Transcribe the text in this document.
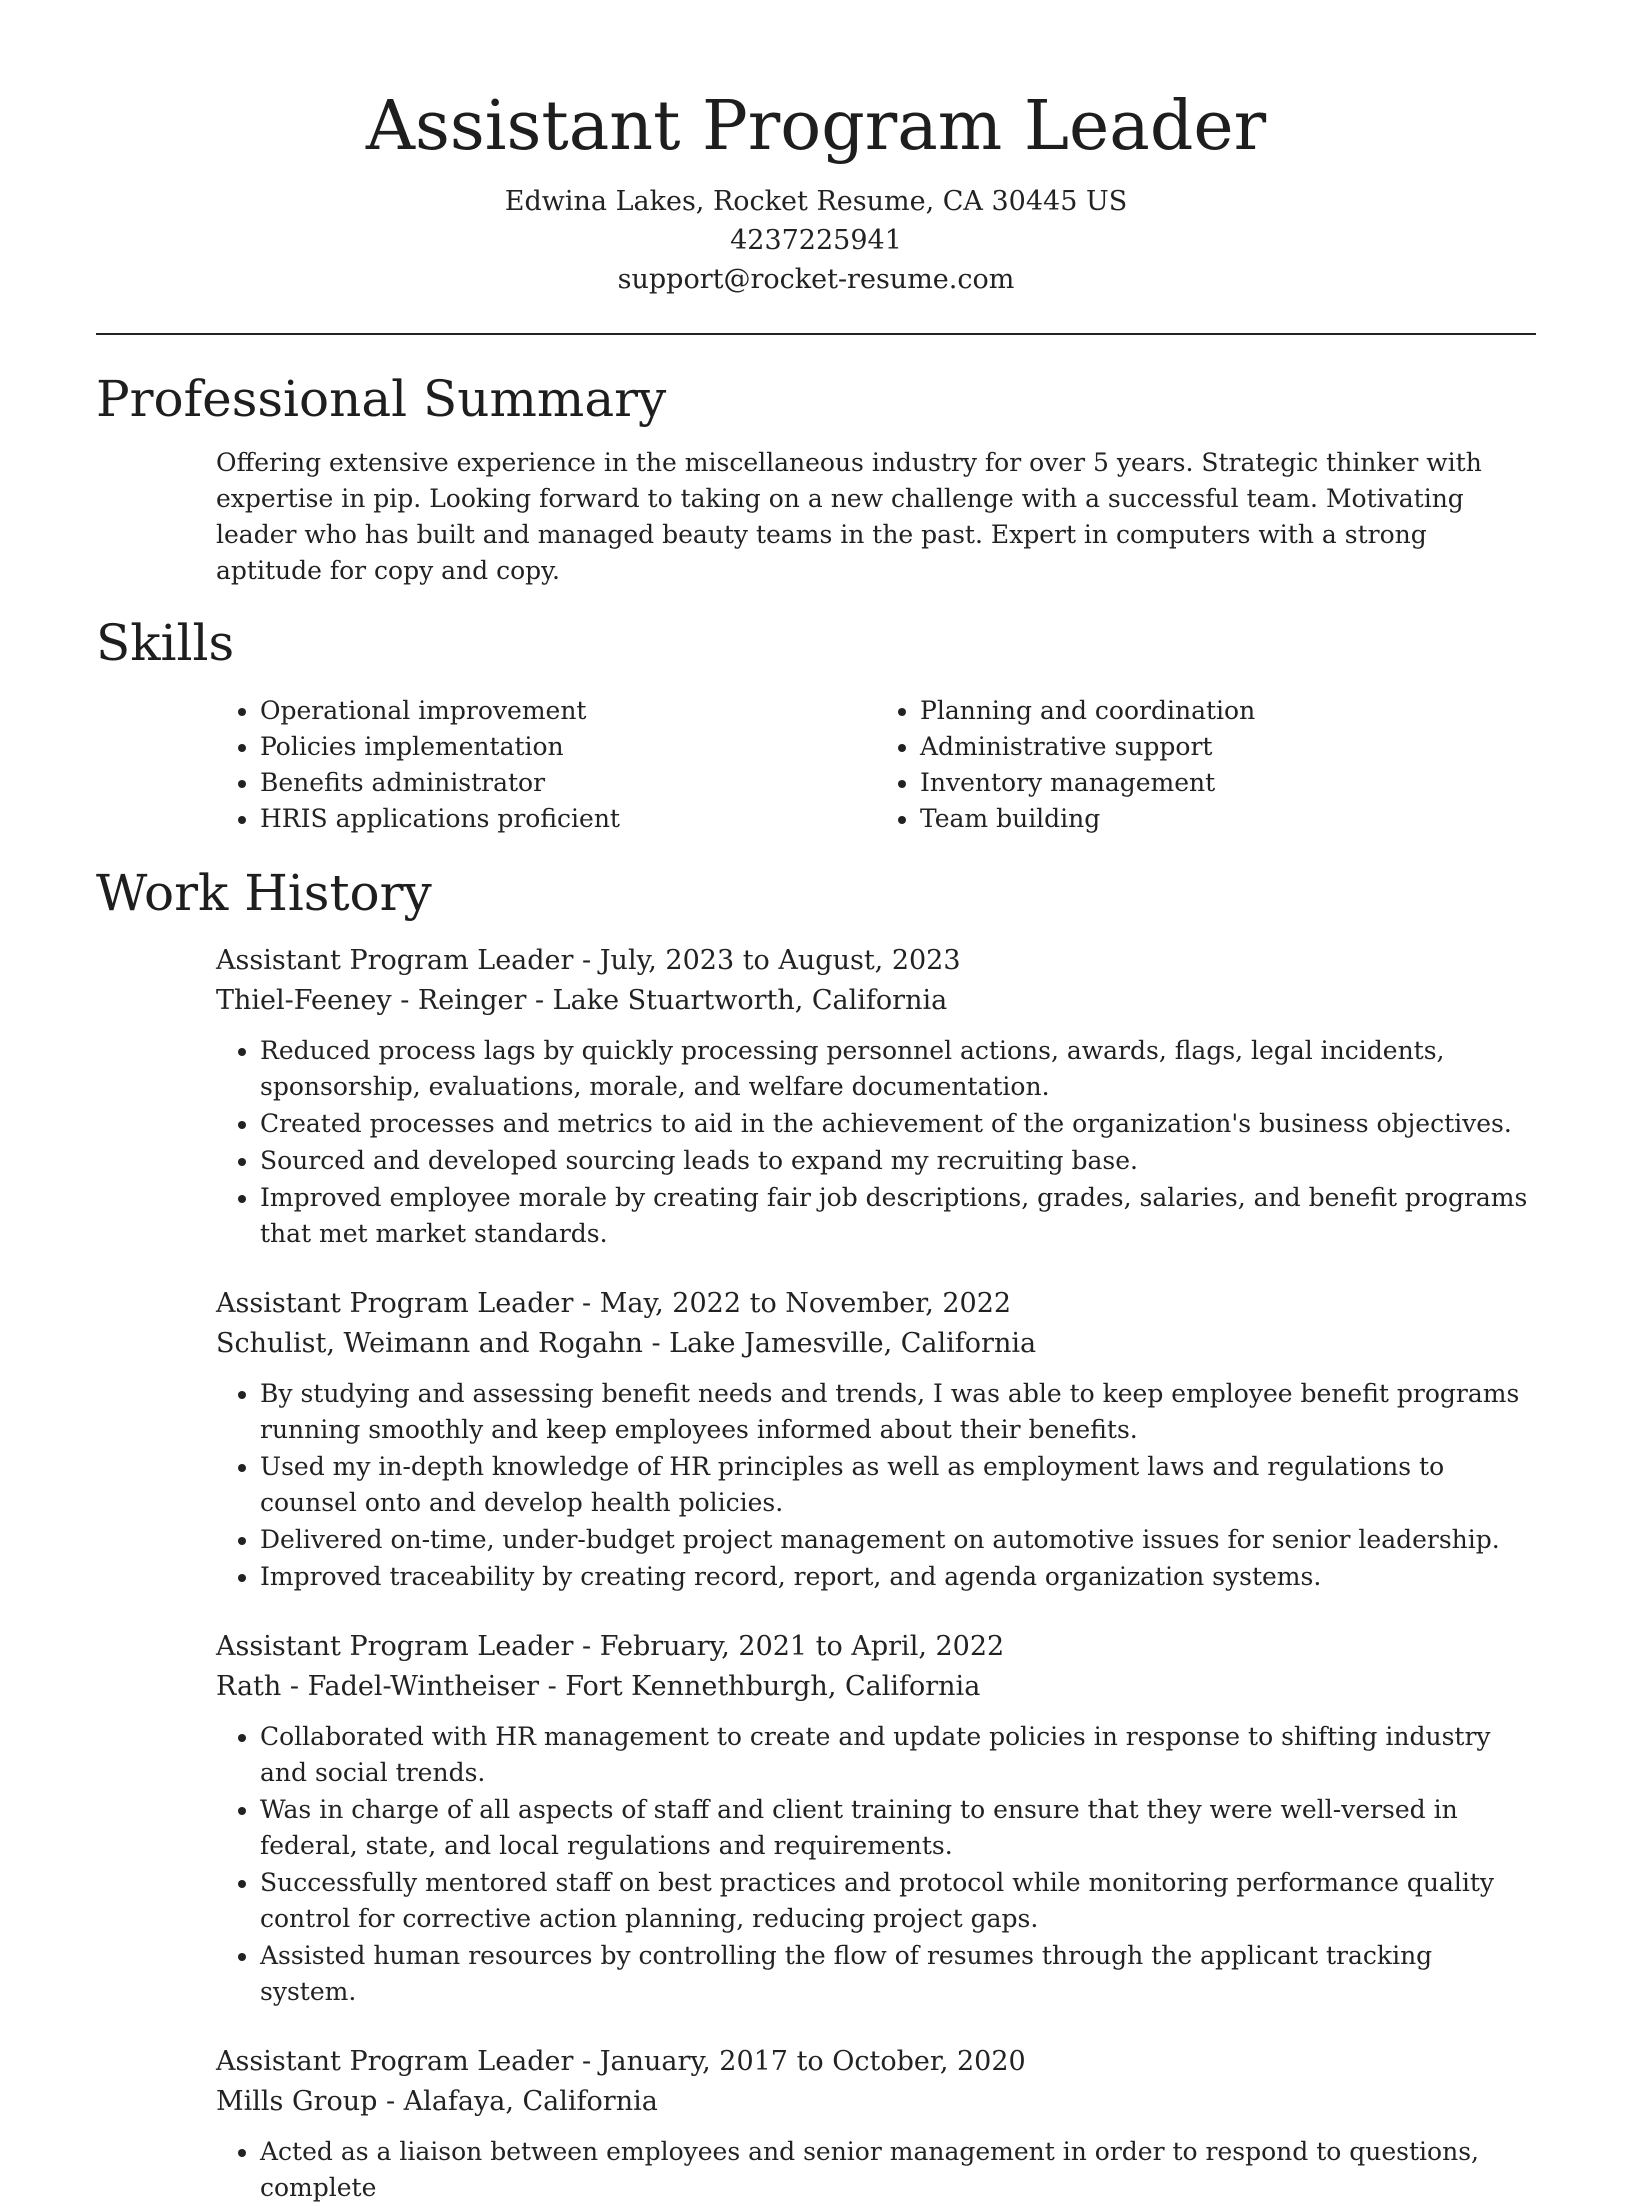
Assistant Program Leader
Edwina Lakes, Rocket Resume, CA 30445 US
4237225941
support@rocket-resume.com
Professional Summary
Offering extensive experience in the miscellaneous industry for over 5 years. Strategic thinker with expertise in pip. Looking forward to taking on a new challenge with a successful team. Motivating leader who has built and managed beauty teams in the past. Expert in computers with a strong aptitude for copy and copy.
Skills
• Operational improvement
• Policies implementation
• Benefits administrator
• HRIS applications proficient
• Planning and coordination
• Administrative support
• Inventory management
• Team building
Work History
Assistant Program Leader - July, 2023 to August, 2023
Thiel-Feeney - Reinger - Lake Stuartworth, California
• Reduced process lags by quickly processing personnel actions, awards, flags, legal incidents, sponsorship, evaluations, morale, and welfare documentation.
• Created processes and metrics to aid in the achievement of the organization's business objectives.
• Sourced and developed sourcing leads to expand my recruiting base.
• Improved employee morale by creating fair job descriptions, grades, salaries, and benefit programs that met market standards.
Assistant Program Leader - May, 2022 to November, 2022
Schulist, Weimann and Rogahn - Lake Jamesville, California
• By studying and assessing benefit needs and trends, I was able to keep employee benefit programs running smoothly and keep employees informed about their benefits.
• Used my in-depth knowledge of HR principles as well as employment laws and regulations to counsel onto and develop health policies.
• Delivered on-time, under-budget project management on automotive issues for senior leadership.
• Improved traceability by creating record, report, and agenda organization systems.
Assistant Program Leader - February, 2021 to April, 2022
Rath - Fadel-Wintheiser - Fort Kennethburgh, California
• Collaborated with HR management to create and update policies in response to shifting industry and social trends.
• Was in charge of all aspects of staff and client training to ensure that they were well-versed in federal, state, and local regulations and requirements.
• Successfully mentored staff on best practices and protocol while monitoring performance quality control for corrective action planning, reducing project gaps.
• Assisted human resources by controlling the flow of resumes through the applicant tracking system.
Assistant Program Leader - January, 2017 to October, 2020
Mills Group - Alafaya, California
• Acted as a liaison between employees and senior management in order to respond to questions, complete
